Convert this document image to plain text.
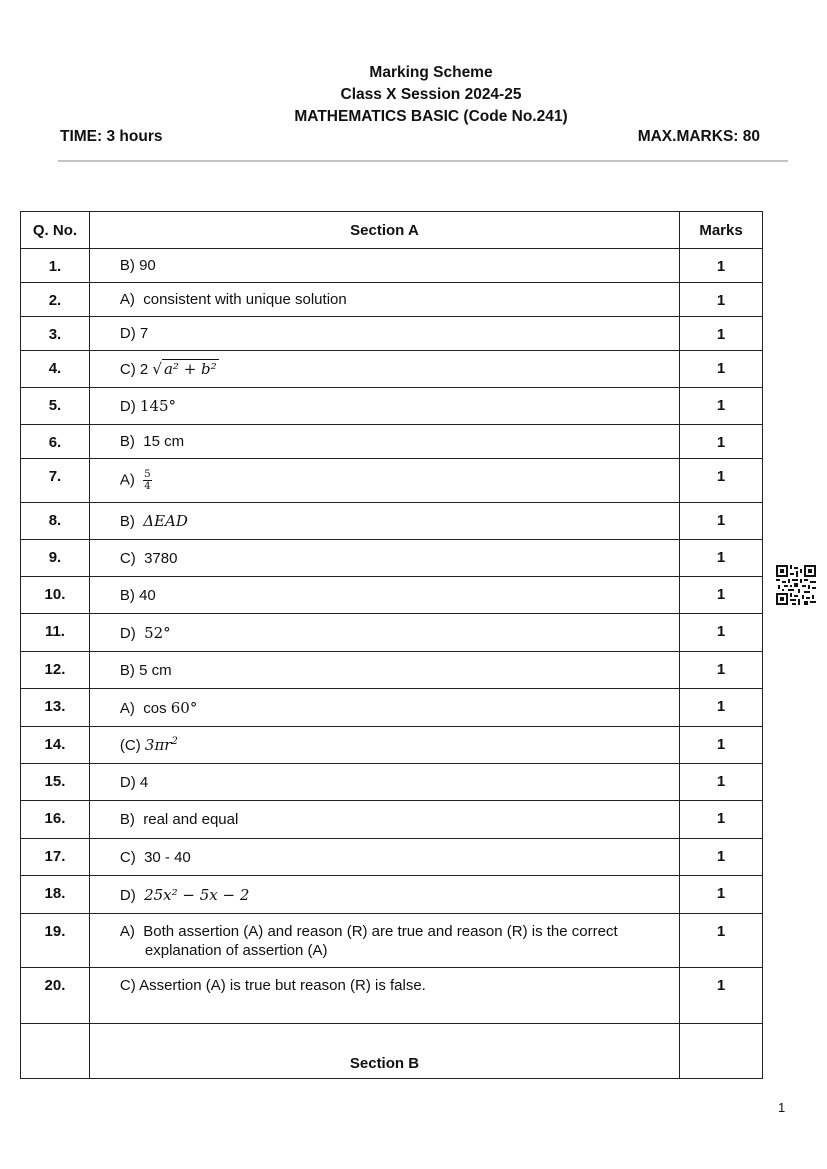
Marking Scheme
Class X Session 2024-25
MATHEMATICS BASIC (Code No.241)
TIME: 3 hours	MAX.MARKS: 80
Q. No.	Section A	Marks
1.	B) 90	1
2.	A) consistent with unique solution	1
3.	D) 7	1
4.	C) 2 √ a² + b²	1
5.	D) 145°	1
6.	B) 15 cm	1
7.	$A) \frac{5}{4}$	1
8.	B) ΔEAD	1
9.	C) 3780	1
10.	B) 40	1
11.	D) 52°	1
12.	B) 5 cm	1
13.	A) cos 60°	1
14.	(C) $3\pi r^2$	1
15.	D) 4	1
16.	B) real and equal	1
17.	C) 30 - 40	1
18.	D) 25x² − 5x − 2	1
19.	A) Both assertion (A) and reason (R) are true and reason (R) is the correct explanation of assertion (A)	1
20.	C) Assertion (A) is true but reason (R) is false.	1
	Section B	
1
